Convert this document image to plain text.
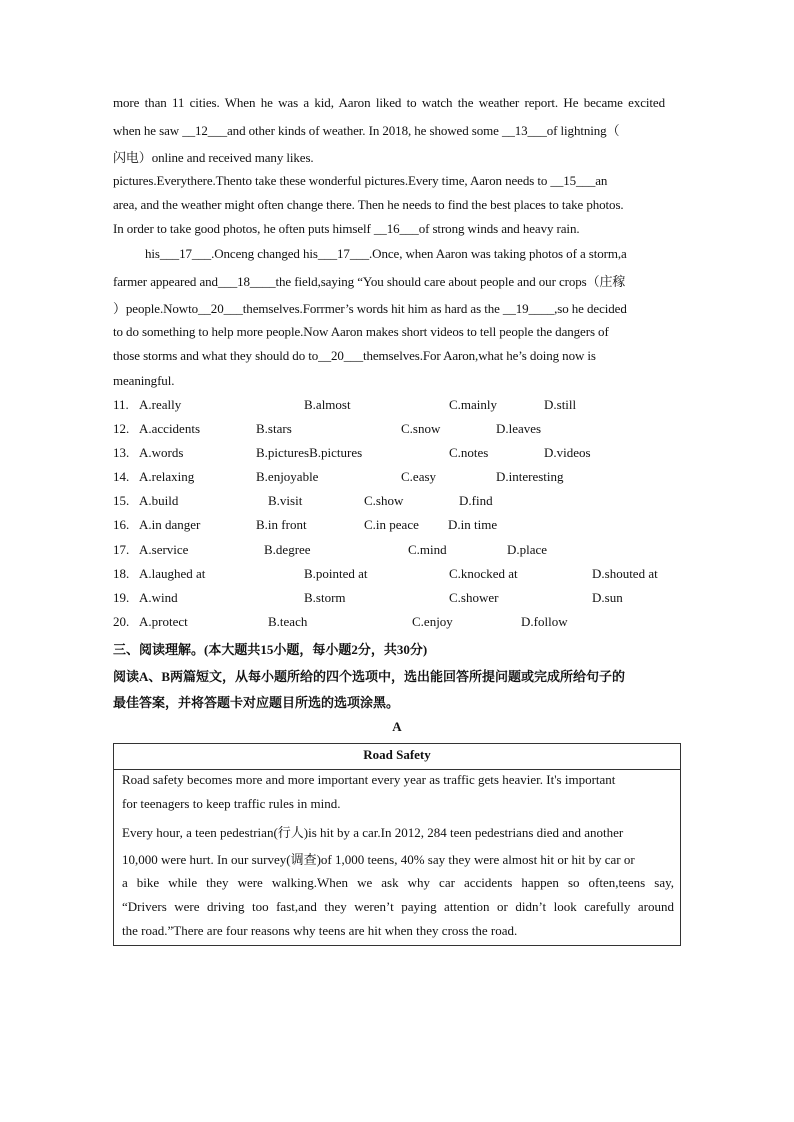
more than 11 cities. When he was a kid, Aaron liked to watch the weather report. He became excited
when he saw __12___and other kinds of weather. In 2018, he showed some __13___of lightning（
闪电）online and received many likes.
pictures.Everythere.Thento take these wonderful pictures.Every time, Aaron needs to __15___an
area, and the weather might often change there. Then he needs to find the best places to take photos.
In order to take good photos, he often puts himself __16___of strong winds and heavy rain.
his___17___.Onceng changed his___17___.Once, when Aaron was taking photos of a storm,a
farmer appeared and___18____the field,saying “You should care about people and our crops（庄稼
）people.Nowto__20___themselves.Forrmer’s words hit him as hard as the __19____,so he decided
to do something to help more people.Now Aaron makes short videos to tell people the dangers of
those storms and what they should do to__20___themselves.For Aaron,what he’s doing now is
meaningful.
11. A.really	B.almost	C.mainly	D.still
12. A.accidents	B.stars	C.snow	D.leaves
13. A.words	B.picturesB.pictures	C.notes	D.videos
14. A.relaxing	B.enjoyable	C.easy	D.interesting
15. A.build	B.visit	C.show	D.find
16. A.in danger	B.in front	C.in peace D.in time
17. A.service	B.degree	C.mind	D.place
18. A.laughed at	B.pointed at	C.knocked at	D.shouted at
19. A.wind	B.storm	C.shower	D.sun
20. A.protect	B.teach	C.enjoy	D.follow
三、阅读理解。(本大题共15小题，每小题2分，共30分)
阅读A、B两篇短文，从每小题所给的四个选项中，选出能回答所提问题或完成所给句子的
最佳答案，并将答题卡对应题目所选的选项涂黑。
A
Road Safety
Road safety becomes more and more important every year as traffic gets heavier. It's important
for teenagers to keep traffic rules in mind.
Every hour, a teen pedestrian(行人)is hit by a car.In 2012, 284 teen pedestrians died and another
10,000 were hurt. In our survey(调查)of 1,000 teens, 40% say they were almost hit or hit by car or
a bike while they were walking.When we ask why car accidents happen so often,teens say,
“Drivers were driving too fast,and they weren’t paying attention or didn’t look carefully around
the road.”There are four reasons why teens are hit when they cross the road.
